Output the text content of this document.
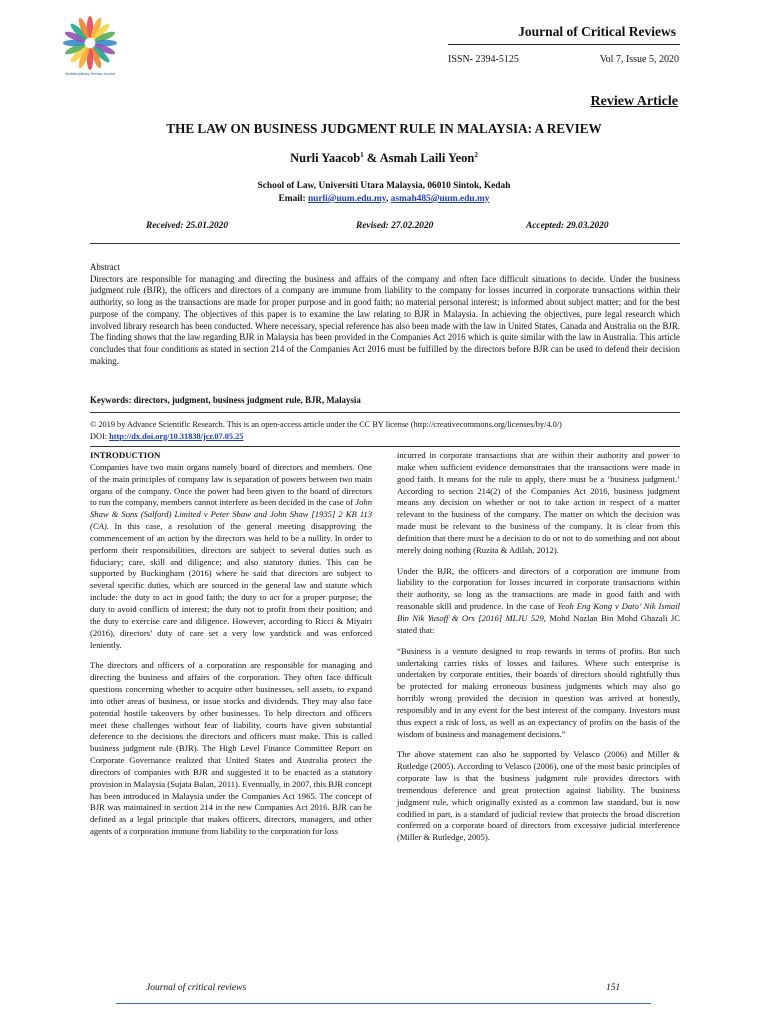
Multidisciplinary Review Journal
Journal of Critical Reviews
ISSN- 2394-5125	Vol 7, Issue 5, 2020
Review Article
THE LAW ON BUSINESS JUDGMENT RULE IN MALAYSIA: A REVIEW
Nurli Yaacob$^1$ & Asmah Laili Yeon$^2$
School of Law, Universiti Utara Malaysia, 06010 Sintok, Kedah
Email: nurli@uum.edu.my, asmah485@uum.edu.my
Received: 25.01.2020	Revised: 27.02.2020	Accepted: 29.03.2020

Abstract

Directors are responsible for managing and directing the business and affairs of the company and often face difficult situations to decide. Under the business judgment rule (BJR), the officers and directors of a company are immune from liability to the company for losses incurred in corporate transactions within their authority, so long as the transactions are made for proper purpose and in good faith; no material personal interest; is informed about subject matter; and for the best purpose of the company. The objectives of this paper is to examine the law relating to BJR in Malaysia. In achieving the objectives, pure legal research which involved library research has been conducted. Where necessary, special reference has also been made with the law in United States, Canada and Australia on the BJR. The finding shows that the law regarding BJR in Malaysia has been provided in the Companies Act 2016 which is quite similar with the law in Australia. This article concludes that four conditions as stated in section 214 of the Companies Act 2016 must be fulfilled by the directors before BJR can be used to defend their decision making.

Keywords: directors, judgment, business judgment rule, BJR, Malaysia
© 2019 by Advance Scientific Research. This is an open-access article under the CC BY license (http://creativecommons.org/licenses/by/4.0/)
DOI: http://dx.doi.org/10.31838/jcr.07.05.25
INTRODUCTION

Companies have two main organs namely board of directors and members. One of the main principles of company law is separation of powers between two main organs of the company. Once the power had been given to the board of directors to run the company, members cannot interfere as been decided in the case of John Shaw & Sons (Salford) Limited v Peter Shaw and John Shaw [1935] 2 KB 113 (CA). In this case, a resolution of the general meeting disapproving the commencement of an action by the directors was held to be a nullity. In order to perform their responsibilities, directors are subject to several duties such as fiduciary; care, skill and diligence; and also statutory duties. This can be supported by Buckingham (2016) where he said that directors are subject to several specific duties, which are sourced in the general law and statute which include: the duty to act in good faith; the duty to act for a proper purpose; the duty to avoid conflicts of interest; the duty not to profit from their position; and the duty to exercise care and diligence. However, according to Ricci & Miyairi (2016), directors’ duty of care set a very low yardstick and was enforced leniently.

The directors and officers of a corporation are responsible for managing and directing the business and affairs of the corporation. They often face difficult questions concerning whether to acquire other businesses, sell assets, to expand into other areas of business, or issue stocks and dividends. They may also face potential hostile takeovers by other businesses. To help directors and officers meet these challenges without fear of liability, courts have given substantial deference to the decisions the directors and officers must make. This is called business judgment rule (BJR). The High Level Finance Committee Report on Corporate Governance realized that United States and Australia protect the directors of companies with BJR and suggested it to be enacted as a statutory provision in Malaysia (Sujata Balan, 2011). Eventually, in 2007, this BJR concept has been introduced in Malaysia under the Companies Act 1965. The concept of BJR was maintained in section 214 in the new Companies Act 2016. BJR can be defined as a legal principle that makes officers, directors, managers, and other agents of a corporation immune from liability to the corporation for loss

incurred in corporate transactions that are within their authority and power to make when sufficient evidence demonstrates that the transactions were made in good faith. It means for the rule to apply, there must be a ‘business judgment.’ According to section 214(2) of the Companies Act 2016, business judgment means any decision on whether or not to take action in respect of a matter relevant to the business of the company. The matter on which the decision was made must be relevant to the business of the company. It is clear from this definition that there must be a decision to do or not to do something and not about merely doing nothing (Ruzita & Adilah, 2012).

Under the BJR, the officers and directors of a corporation are immune from liability to the corporation for losses incurred in corporate transactions within their authority, so long as the transactions are made in good faith and with reasonable skill and prudence. In the case of Yeoh Eng Kong v Dato’ Nik Ismail Bin Nik Yusoff & Ors [2016] MLJU 529, Mohd Nazlan Bin Mohd Ghazali JC stated that:

“Business is a venture designed to reap rewards in terms of profits. But such undertaking carries risks of losses and failures. Where such enterprise is undertaken by corporate entities, their boards of directors should rightfully thus be protected for making erroneous business judgments which may also go horribly wrong provided the decision in question was arrived at honestly, responsibly and in any event for the best interest of the company. Investors must thus expect a risk of loss, as well as an expectancy of profits on the basis of the wisdom of business and management decisions.”

The above statement can also be supported by Velasco (2006) and Miller & Rutledge (2005). According to Velasco (2006), one of the most basic principles of corporate law is that the business judgment rule provides directors with tremendous deference and great protection against liability. The business judgment rule, which originally existed as a common law standard, but is now codified in part, is a standard of judicial review that protects the broad discretion conferred on a corporate board of directors from excessive judicial interference (Miller & Rutledge, 2005).

Journal of critical reviews	151
